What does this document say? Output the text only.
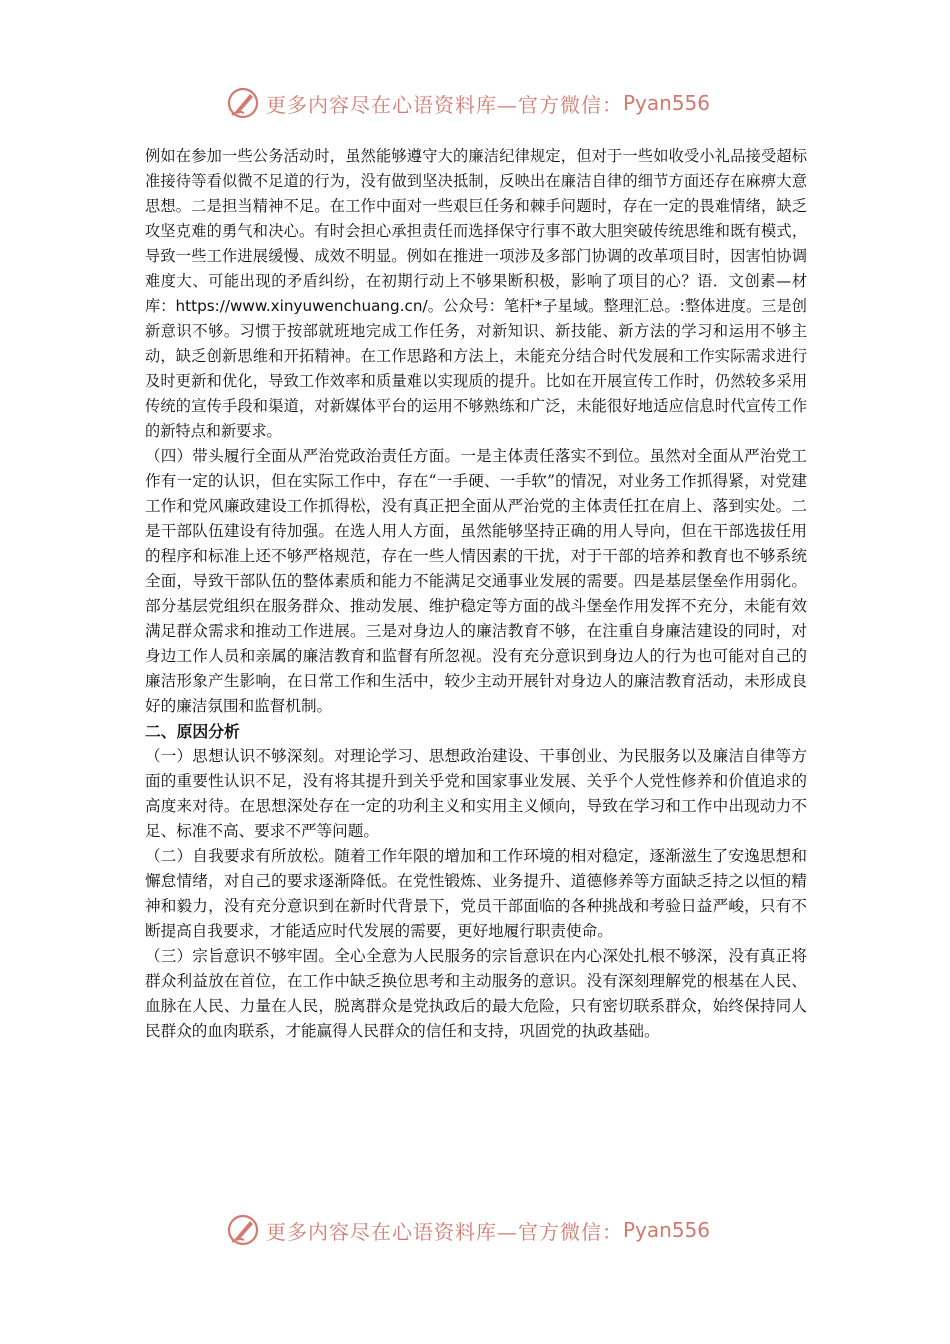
更多内容尽在心语资料库—官方微信： Pyan556

例如在参加一些公务活动时，虽然能够遵守大的廉洁纪律规定，但对于一些如收受小礼品接受超标准接待等看似微不足道的行为，没有做到坚决抵制，反映出在廉洁自律的细节方面还存在麻痹大意思想。二是担当精神不足。在工作中面对一些艰巨任务和棘手问题时，存在一定的畏难情绪，缺乏攻坚克难的勇气和决心。有时会担心承担责任而选择保守行事不敢大胆突破传统思维和既有模式，导致一些工作进展缓慢、成效不明显。例如在推进一项涉及多部门协调的改革项目时，因害怕协调难度大、可能出现的矛盾纠纷，在初期行动上不够果断积极，影响了项目的心？语．文创素—材库：https://www.xinyuwenchuang.cn/。公众号：笔杆*子星域。整理汇总。:整体进度。三是创新意识不够。习惯于按部就班地完成工作任务，对新知识、新技能、新方法的学习和运用不够主动，缺乏创新思维和开拓精神。在工作思路和方法上，未能充分结合时代发展和工作实际需求进行及时更新和优化，导致工作效率和质量难以实现质的提升。比如在开展宣传工作时，仍然较多采用传统的宣传手段和渠道，对新媒体平台的运用不够熟练和广泛，未能很好地适应信息时代宣传工作的新特点和新要求。

（四）带头履行全面从严治党政治责任方面。一是主体责任落实不到位。虽然对全面从严治党工作有一定的认识，但在实际工作中，存在“一手硬、一手软”的情况，对业务工作抓得紧，对党建工作和党风廉政建设工作抓得松，没有真正把全面从严治党的主体责任扛在肩上、落到实处。二是干部队伍建设有待加强。在选人用人方面，虽然能够坚持正确的用人导向，但在干部选拔任用的程序和标准上还不够严格规范，存在一些人情因素的干扰，对于干部的培养和教育也不够系统全面，导致干部队伍的整体素质和能力不能满足交通事业发展的需要。四是基层堡垒作用弱化。部分基层党组织在服务群众、推动发展、维护稳定等方面的战斗堡垒作用发挥不充分，未能有效满足群众需求和推动工作进展。三是对身边人的廉洁教育不够，在注重自身廉洁建设的同时，对身边工作人员和亲属的廉洁教育和监督有所忽视。没有充分意识到身边人的行为也可能对自己的廉洁形象产生影响，在日常工作和生活中，较少主动开展针对身边人的廉洁教育活动，未形成良好的廉洁氛围和监督机制。

二、原因分析

（一）思想认识不够深刻。对理论学习、思想政治建设、干事创业、为民服务以及廉洁自律等方面的重要性认识不足，没有将其提升到关乎党和国家事业发展、关乎个人党性修养和价值追求的高度来对待。在思想深处存在一定的功利主义和实用主义倾向，导致在学习和工作中出现动力不足、标准不高、要求不严等问题。

（二）自我要求有所放松。随着工作年限的增加和工作环境的相对稳定，逐渐滋生了安逸思想和懈怠情绪，对自己的要求逐渐降低。在党性锻炼、业务提升、道德修养等方面缺乏持之以恒的精神和毅力，没有充分意识到在新时代背景下，党员干部面临的各种挑战和考验日益严峻，只有不断提高自我要求，才能适应时代发展的需要，更好地履行职责使命。

（三）宗旨意识不够牢固。全心全意为人民服务的宗旨意识在内心深处扎根不够深，没有真正将群众利益放在首位，在工作中缺乏换位思考和主动服务的意识。没有深刻理解党的根基在人民、血脉在人民、力量在人民，脱离群众是党执政后的最大危险，只有密切联系群众，始终保持同人民群众的血肉联系，才能赢得人民群众的信任和支持，巩固党的执政基础。

更多内容尽在心语资料库—官方微信： Pyan556
